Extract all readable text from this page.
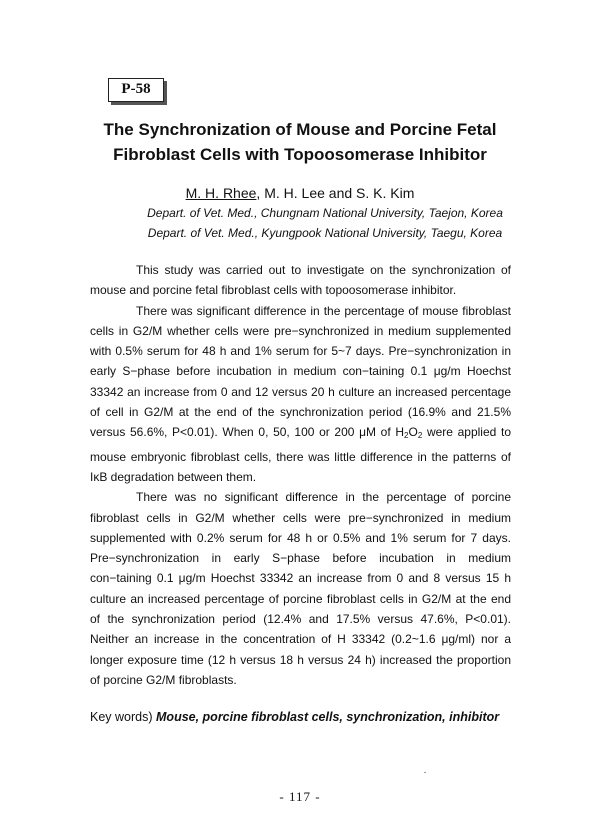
P-58
The Synchronization of Mouse and Porcine Fetal
Fibroblast Cells with Topoosomerase Inhibitor
M. H. Rhee, M. H. Lee and S. K. Kim
Depart. of Vet. Med., Chungnam National University, Taejon, Korea
Depart. of Vet. Med., Kyungpook National University, Taegu, Korea

This study was carried out to investigate on the synchronization of mouse and porcine fetal fibroblast cells with topoosomerase inhibitor.

There was significant difference in the percentage of mouse fibroblast cells in G2/M whether cells were pre−synchronized in medium supplemented with 0.5% serum for 48 h and 1% serum for 5~7 days. Pre−synchronization in early S−phase before incubation in medium con−taining 0.1 μg/m Hoechst 33342 an increase from 0 and 12 versus 20 h culture an increased percentage of cell in G2/M at the end of the synchronization period (16.9% and 21.5% versus 56.6%, P<0.01). When 0, 50, 100 or 200 μM of $H_2O_2$ were applied to mouse embryonic fibroblast cells, there was little difference in the patterns of IκB degradation between them.

There was no significant difference in the percentage of porcine fibroblast cells in G2/M whether cells were pre−synchronized in medium supplemented with 0.2% serum for 48 h or 0.5% and 1% serum for 7 days. Pre−synchronization in early S−phase before incubation in medium con−taining 0.1 μg/m Hoechst 33342 an increase from 0 and 8 versus 15 h culture an increased percentage of porcine fibroblast cells in G2/M at the end of the synchronization period (12.4% and 17.5% versus 47.6%, P<0.01). Neither an increase in the concentration of H 33342 (0.2~1.6 μg/ml) nor a longer exposure time (12 h versus 18 h versus 24 h) increased the proportion of porcine G2/M fibroblasts.

Key words) Mouse, porcine fibroblast cells, synchronization, inhibitor
- 117 -
